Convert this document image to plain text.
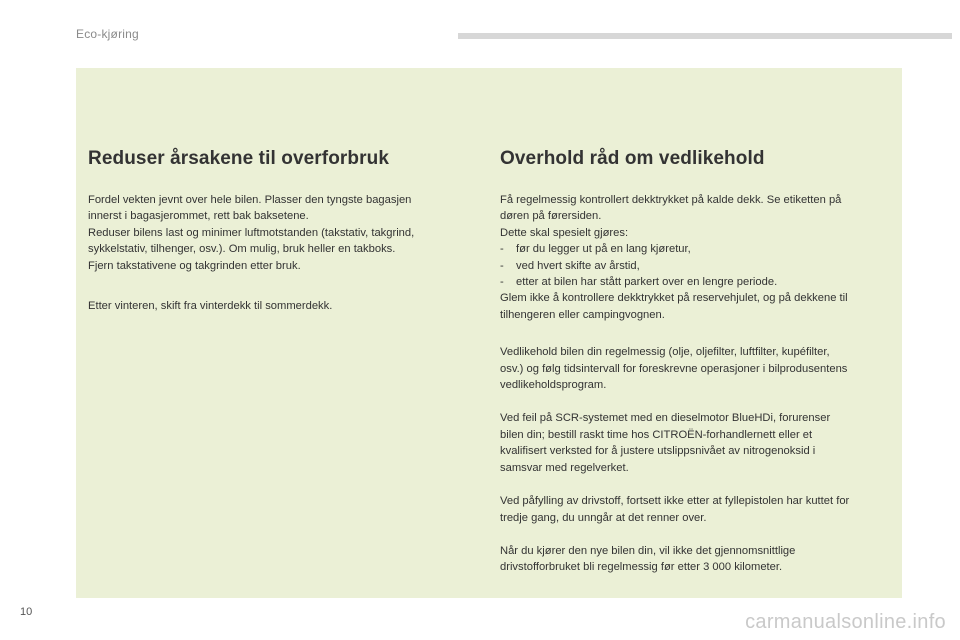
Eco-kjøring
Reduser årsakene til overforbruk

Fordel vekten jevnt over hele bilen. Plasser den tyngste bagasjen
innerst i bagasjerommet, rett bak baksetene.
Reduser bilens last og minimer luftmotstanden (takstativ, takgrind,
sykkelstativ, tilhenger, osv.). Om mulig, bruk heller en takboks.
Fjern takstativene og takgrinden etter bruk.

Etter vinteren, skift fra vinterdekk til sommerdekk.

Overhold råd om vedlikehold

Få regelmessig kontrollert dekktrykket på kalde dekk. Se etiketten på
døren på førersiden.
Dette skal spesielt gjøres:

-	før du legger ut på en lang kjøretur,

-	ved hvert skifte av årstid,

-	etter at bilen har stått parkert over en lengre periode.

Glem ikke å kontrollere dekktrykket på reservehjulet, og på dekkene til
tilhengeren eller campingvognen.

Vedlikehold bilen din regelmessig (olje, oljefilter, luftfilter, kupéfilter,
osv.) og følg tidsintervall for foreskrevne operasjoner i bilprodusentens
vedlikeholdsprogram.

Ved feil på SCR-systemet med en dieselmotor BlueHDi, forurenser
bilen din; bestill raskt time hos CITROËN-forhandlernett eller et
kvalifisert verksted for å justere utslippsnivået av nitrogenoksid i
samsvar med regelverket.

Ved påfylling av drivstoff, fortsett ikke etter at fyllepistolen har kuttet for
tredje gang, du unngår at det renner over.

Når du kjører den nye bilen din, vil ikke det gjennomsnittlige
drivstofforbruket bli regelmessig før etter 3 000 kilometer.

10	carmanualsonline.info
